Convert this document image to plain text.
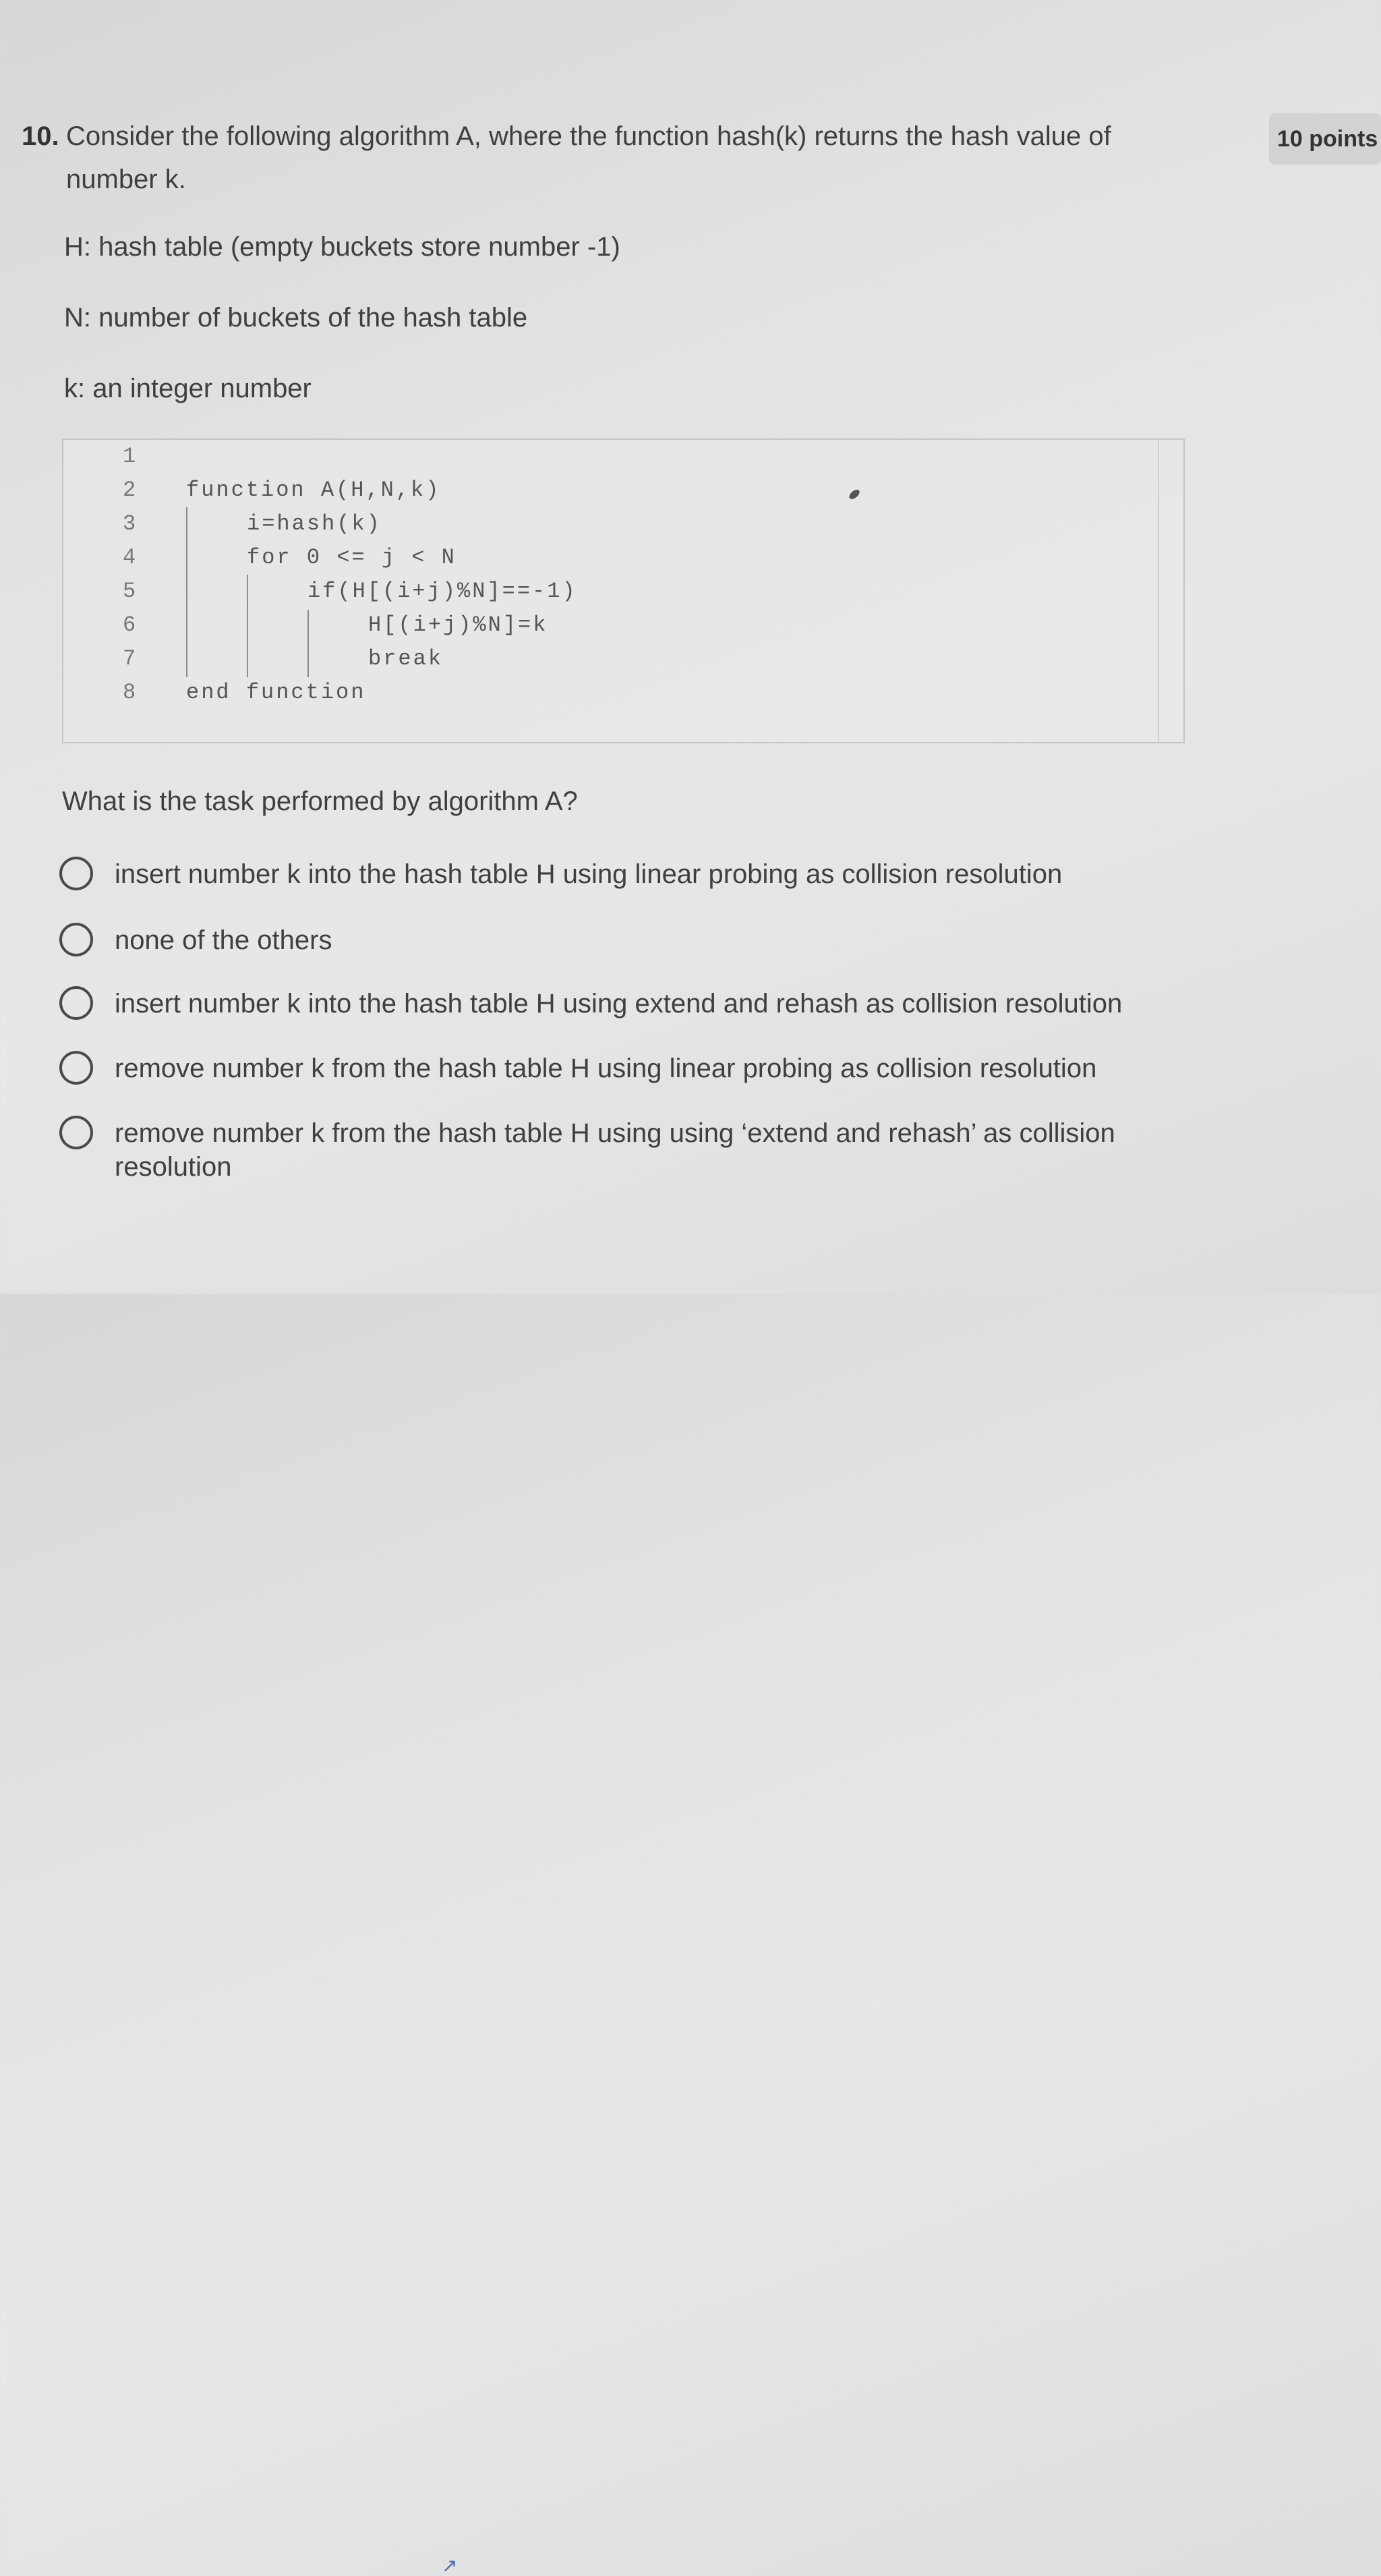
10. Consider the following algorithm A, where the function hash(k) returns the hash value of
number k.
10 points
H: hash table (empty buckets store number -1)
N: number of buckets of the hash table
k: an integer number
1
2	function A(H,N,k)
3	i=hash(k)
4	for 0 <= j < N
5	if(H[(i+j)%N]==-1)
6	H[(i+j)%N]=k
7	break
8	end function
What is the task performed by algorithm A?
insert number k into the hash table H using linear probing as collision resolution
none of the others
insert number k into the hash table H using extend and rehash as collision resolution
remove number k from the hash table H using linear probing as collision resolution
remove number k from the hash table H using using ‘extend and rehash’ as collision
resolution
↗
